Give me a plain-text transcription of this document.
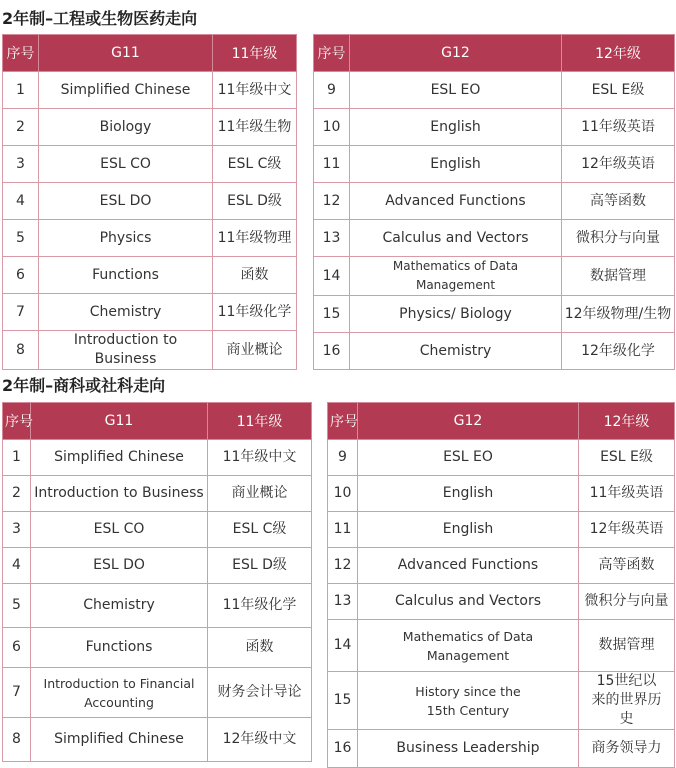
2年制–工程或生物医药走向
序号	G11	11年级
1	Simplified Chinese	11年级中文
2	Biology	11年级生物
3	ESL CO	ESL C级
4	ESL DO	ESL D级
5	Physics	11年级物理
6	Functions	函数
7	Chemistry	11年级化学
8	Introduction to Business	商业概论
序号	G12	12年级
9	ESL EO	ESL E级
10	English	11年级英语
11	English	12年级英语
12	Advanced Functions	高等函数
13	Calculus and Vectors	微积分与向量
14	Mathematics of Data Management	数据管理
15	Physics/ Biology	12年级物理/生物
16	Chemistry	12年级化学
2年制–商科或社科走向
序号	G11	11年级
1	Simplified Chinese	11年级中文
2	Introduction to Business	商业概论
3	ESL CO	ESL C级
4	ESL DO	ESL D级
5	Chemistry	11年级化学
6	Functions	函数
7	Introduction to Financial Accounting	财务会计导论
8	Simplified Chinese	12年级中文
序号	G12	12年级
9	ESL EO	ESL E级
10	English	11年级英语
11	English	12年级英语
12	Advanced Functions	高等函数
13	Calculus and Vectors	微积分与向量
14	Mathematics of Data Management	数据管理
15	History since the 15th Century	15世纪以来的世界历史
16	Business Leadership	商务领导力
